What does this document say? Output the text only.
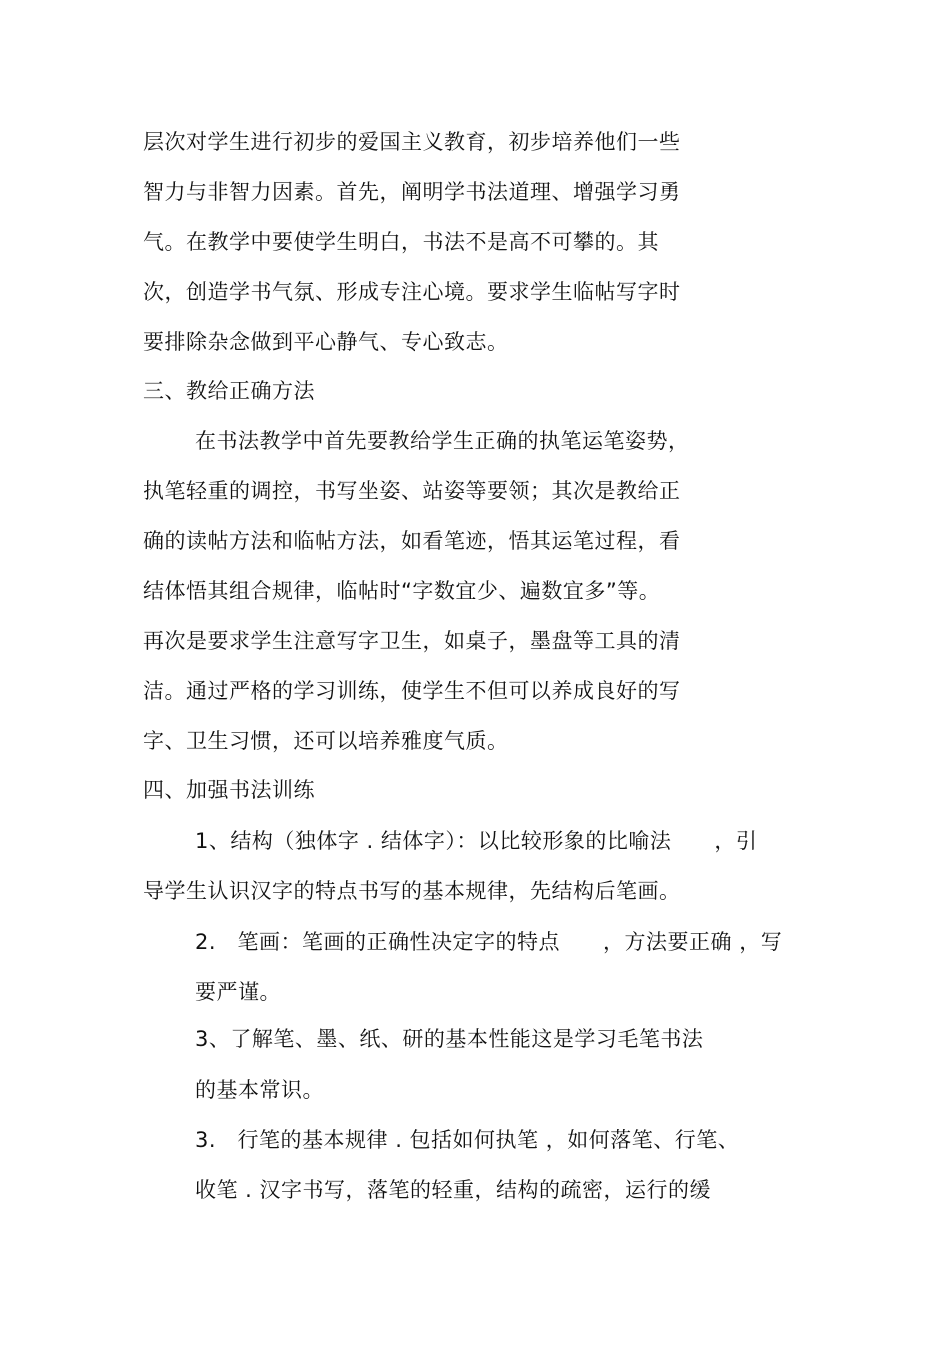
层次对学生进行初步的爱国主义教育，初步培养他们一些
智力与非智力因素。首先，阐明学书法道理、增强学习勇
气。在教学中要使学生明白，书法不是高不可攀的。其
次，创造学书气氛、形成专注心境。要求学生临帖写字时
要排除杂念做到平心静气、专心致志。
三、教给正确方法
在书法教学中首先要教给学生正确的执笔运笔姿势，
执笔轻重的调控，书写坐姿、站姿等要领；其次是教给正
确的读帖方法和临帖方法，如看笔迹，悟其运笔过程，看
结体悟其组合规律，临帖时“字数宜少、遍数宜多”等。
再次是要求学生注意写字卫生，如桌子，墨盘等工具的清
洁。通过严格的学习训练，使学生不但可以养成良好的写
字、卫生习惯，还可以培养雅度气质。
四、加强书法训练
1、结构（独体字 . 结体字）：以比较形象的比喻法　　，引
导学生认识汉字的特点书写的基本规律，先结构后笔画。
2.　笔画：笔画的正确性决定字的特点　　，方法要正确 ，写
要严谨。
3、了解笔、墨、纸、研的基本性能这是学习毛笔书法
的基本常识。
3.　行笔的基本规律 . 包括如何执笔 ，如何落笔、行笔、
收笔 . 汉字书写，落笔的轻重，结构的疏密，运行的缓
